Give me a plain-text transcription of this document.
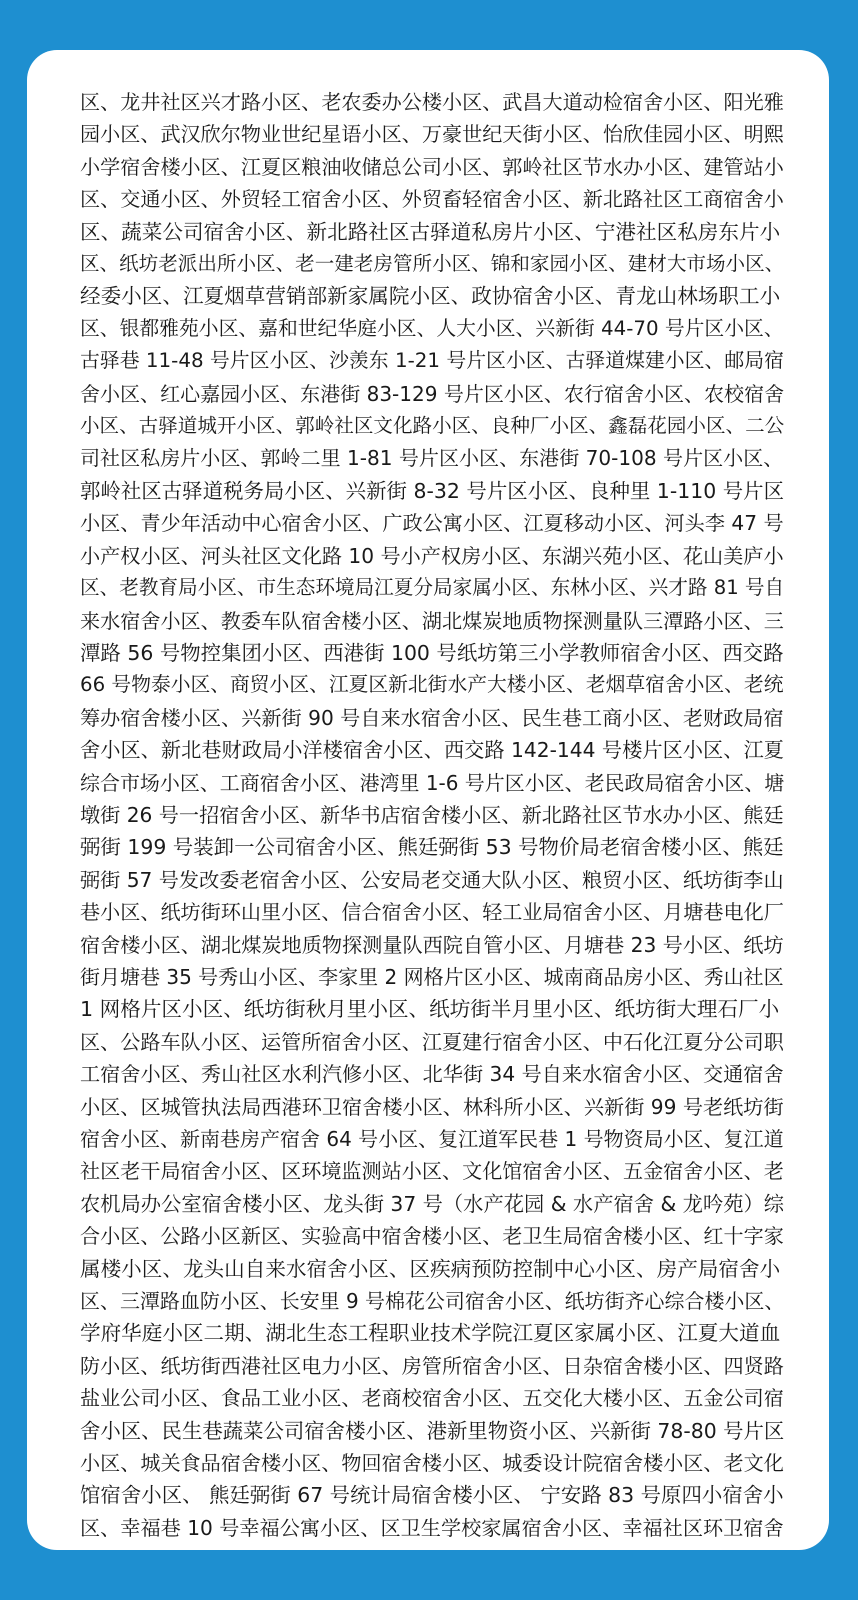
区、龙井社区兴才路小区、老农委办公楼小区、武昌大道动检宿舍小区、阳光雅
园小区、武汉欣尔物业世纪星语小区、万豪世纪天街小区、怡欣佳园小区、明熙
小学宿舍楼小区、江夏区粮油收储总公司小区、郭岭社区节水办小区、建管站小
区、交通小区、外贸轻工宿舍小区、外贸畜轻宿舍小区、新北路社区工商宿舍小
区、蔬菜公司宿舍小区、新北路社区古驿道私房片小区、宁港社区私房东片小
区、纸坊老派出所小区、老一建老房管所小区、锦和家园小区、建材大市场小区、
经委小区、江夏烟草营销部新家属院小区、政协宿舍小区、青龙山林场职工小
区、银都雅苑小区、嘉和世纪华庭小区、人大小区、兴新街 44-70 号片区小区、
古驿巷 11-48 号片区小区、沙羡东 1-21 号片区小区、古驿道煤建小区、邮局宿
舍小区、红心嘉园小区、东港街 83-129 号片区小区、农行宿舍小区、农校宿舍
小区、古驿道城开小区、郭岭社区文化路小区、良种厂小区、鑫磊花园小区、二公
司社区私房片小区、郭岭二里 1-81 号片区小区、东港街 70-108 号片区小区、
郭岭社区古驿道税务局小区、兴新街 8-32 号片区小区、良种里 1-110 号片区
小区、青少年活动中心宿舍小区、广政公寓小区、江夏移动小区、河头李 47 号
小产权小区、河头社区文化路 10 号小产权房小区、东湖兴苑小区、花山美庐小
区、老教育局小区、市生态环境局江夏分局家属小区、东林小区、兴才路 81 号自
来水宿舍小区、教委车队宿舍楼小区、湖北煤炭地质物探测量队三潭路小区、三
潭路 56 号物控集团小区、西港街 100 号纸坊第三小学教师宿舍小区、西交路
66 号物泰小区、商贸小区、江夏区新北街水产大楼小区、老烟草宿舍小区、老统
筹办宿舍楼小区、兴新街 90 号自来水宿舍小区、民生巷工商小区、老财政局宿
舍小区、新北巷财政局小洋楼宿舍小区、西交路 142-144 号楼片区小区、江夏
综合市场小区、工商宿舍小区、港湾里 1-6 号片区小区、老民政局宿舍小区、塘
墩街 26 号一招宿舍小区、新华书店宿舍楼小区、新北路社区节水办小区、熊廷
弼街 199 号装卸一公司宿舍小区、熊廷弼街 53 号物价局老宿舍楼小区、熊廷
弼街 57 号发改委老宿舍小区、公安局老交通大队小区、粮贸小区、纸坊街李山
巷小区、纸坊街环山里小区、信合宿舍小区、轻工业局宿舍小区、月塘巷电化厂
宿舍楼小区、湖北煤炭地质物探测量队西院自管小区、月塘巷 23 号小区、纸坊
街月塘巷 35 号秀山小区、李家里 2 网格片区小区、城南商品房小区、秀山社区
1 网格片区小区、纸坊街秋月里小区、纸坊街半月里小区、纸坊街大理石厂小
区、公路车队小区、运管所宿舍小区、江夏建行宿舍小区、中石化江夏分公司职
工宿舍小区、秀山社区水利汽修小区、北华街 34 号自来水宿舍小区、交通宿舍
小区、区城管执法局西港环卫宿舍楼小区、林科所小区、兴新街 99 号老纸坊街
宿舍小区、新南巷房产宿舍 64 号小区、复江道军民巷 1 号物资局小区、复江道
社区老干局宿舍小区、区环境监测站小区、文化馆宿舍小区、五金宿舍小区、老
农机局办公室宿舍楼小区、龙头街 37 号（水产花园 & 水产宿舍 & 龙吟苑）综
合小区、公路小区新区、实验高中宿舍楼小区、老卫生局宿舍楼小区、红十字家
属楼小区、龙头山自来水宿舍小区、区疾病预防控制中心小区、房产局宿舍小
区、三潭路血防小区、长安里 9 号棉花公司宿舍小区、纸坊街齐心综合楼小区、
学府华庭小区二期、湖北生态工程职业技术学院江夏区家属小区、江夏大道血
防小区、纸坊街西港社区电力小区、房管所宿舍小区、日杂宿舍楼小区、四贤路
盐业公司小区、食品工业小区、老商校宿舍小区、五交化大楼小区、五金公司宿
舍小区、民生巷蔬菜公司宿舍楼小区、港新里物资小区、兴新街 78-80 号片区
小区、城关食品宿舍楼小区、物回宿舍楼小区、城委设计院宿舍楼小区、老文化
馆宿舍小区、 熊廷弼街 67 号统计局宿舍楼小区、 宁安路 83 号原四小宿舍小
区、幸福巷 10 号幸福公寓小区、区卫生学校家属宿舍小区、幸福社区环卫宿舍
